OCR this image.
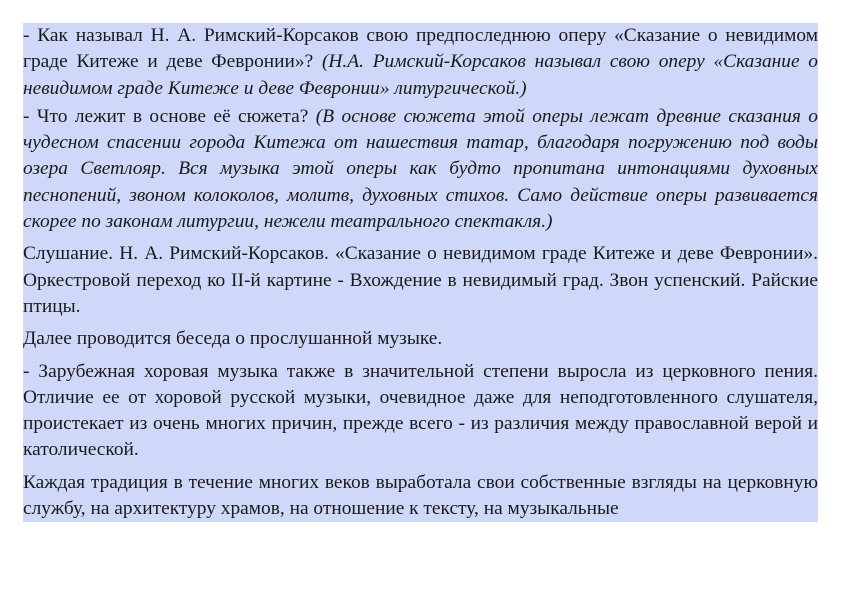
- Как называл Н. А. Римский-Корсаков свою предпоследнюю оперу «Сказание о невидимом граде Китеже и деве Февронии»? (Н.А. Римский-Корсаков называл свою оперу «Сказание о невидимом граде Китеже и деве Февронии» литургической.)

- Что лежит в основе её сюжета? (В основе сюжета этой оперы лежат древние сказания о чудесном спасении города Китежа от нашествия татар, благодаря погружению под воды озера Светлояр. Вся музыка этой оперы как будто пропитана интонациями духовных песнопений, звоном колоколов, молитв, духовных стихов. Само действие оперы развивается скорее по законам литургии, нежели театрального спектакля.)

Слушание. Н. А. Римский-Корсаков. «Сказание о невидимом граде Китеже и деве Февронии». Оркестровой переход ко II-й картине - Вхождение в невидимый град. Звон успенский. Райские птицы.

Далее проводится беседа о прослушанной музыке.

- Зарубежная хоровая музыка также в значительной степени выросла из церковного пения. Отличие ее от хоровой русской музыки, очевидное даже для неподготовленного слушателя, проистекает из очень многих причин, прежде всего - из различия между православной верой и католической.

Каждая традиция в течение многих веков выработала свои собственные взгляды на церковную службу, на архитектуру храмов, на отношение к тексту, на музыкальные
